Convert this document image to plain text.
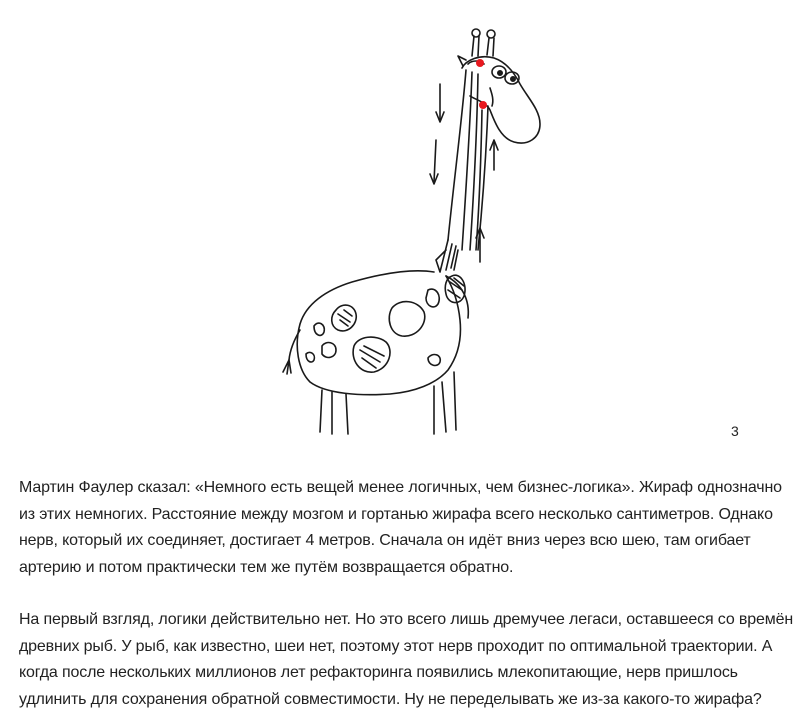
3

Мартин Фаулер сказал: «Немного есть вещей менее логичных, чем бизнес-логика». Жираф однозначно из этих немногих. Расстояние между мозгом и гортанью жирафа всего несколько сантиметров. Однако нерв, который их соединяет, достигает 4 метров. Сначала он идёт вниз через всю шею, там огибает артерию и потом практически тем же путём возвращается обратно.

На первый взгляд, логики действительно нет. Но это всего лишь дремучее легаси, оставшееся со времён древних рыб. У рыб, как известно, шеи нет, поэтому этот нерв проходит по оптимальной траектории. А когда после нескольких миллионов лет рефакторинга появились млекопитающие, нерв пришлось удлинить для сохранения обратной совместимости. Ну не переделывать же из-за какого-то жирафа?
